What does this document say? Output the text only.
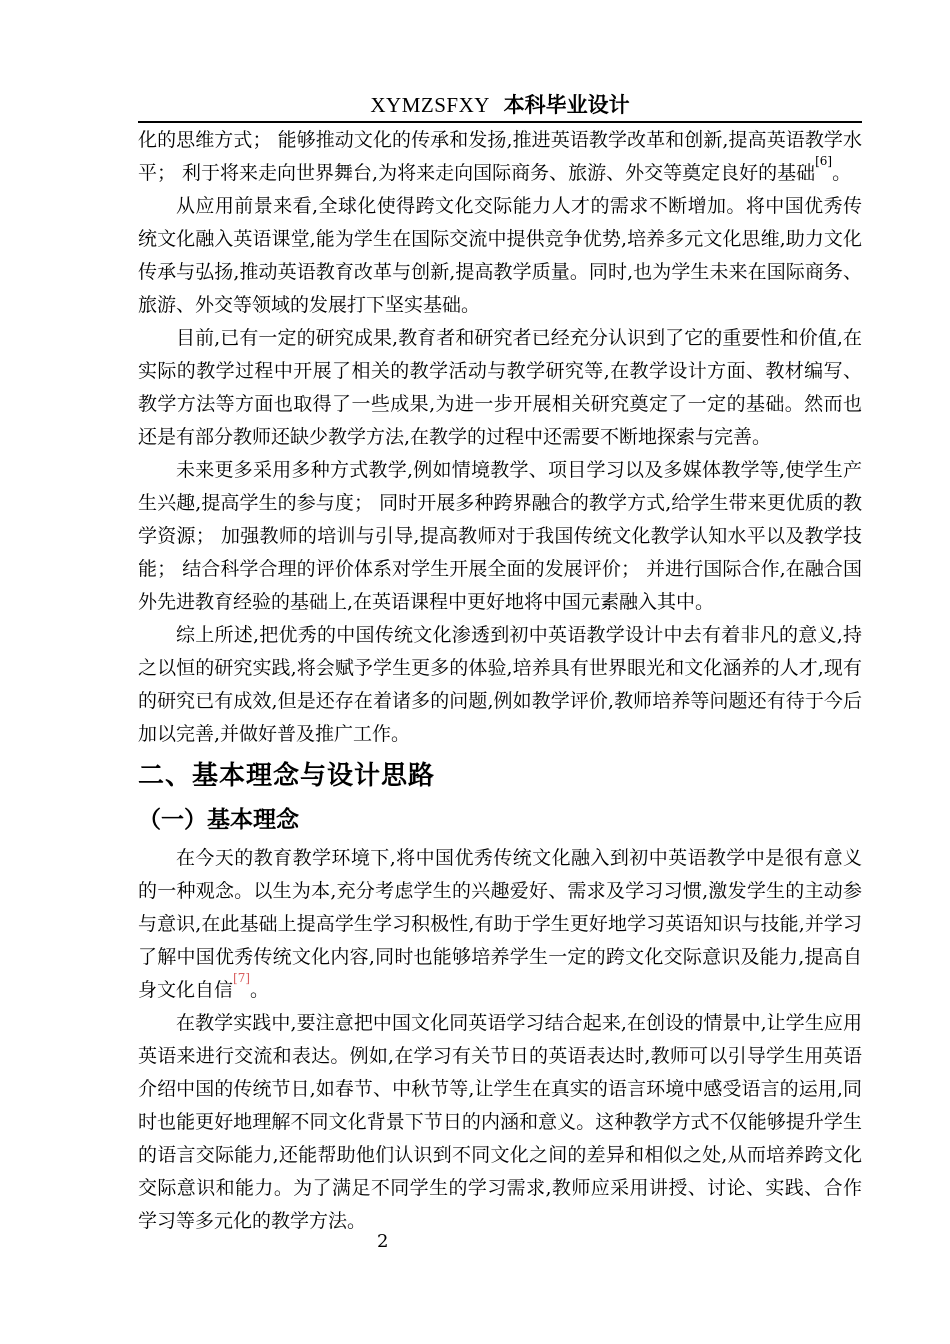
XYMZSFXY 本科毕业设计

化的思维方式； 能够推动文化的传承和发扬,推进英语教学改革和创新,提高英语教学水平； 利于将来走向世界舞台,为将来走向国际商务、旅游、外交等奠定良好的基础[6]。

从应用前景来看,全球化使得跨文化交际能力人才的需求不断增加。将中国优秀传统文化融入英语课堂,能为学生在国际交流中提供竞争优势,培养多元文化思维,助力文化传承与弘扬,推动英语教育改革与创新,提高教学质量。同时,也为学生未来在国际商务、旅游、外交等领域的发展打下坚实基础。

目前,已有一定的研究成果,教育者和研究者已经充分认识到了它的重要性和价值,在实际的教学过程中开展了相关的教学活动与教学研究等,在教学设计方面、教材编写、教学方法等方面也取得了一些成果,为进一步开展相关研究奠定了一定的基础。然而也还是有部分教师还缺少教学方法,在教学的过程中还需要不断地探索与完善。

未来更多采用多种方式教学,例如情境教学、项目学习以及多媒体教学等,使学生产生兴趣,提高学生的参与度； 同时开展多种跨界融合的教学方式,给学生带来更优质的教学资源； 加强教师的培训与引导,提高教师对于我国传统文化教学认知水平以及教学技能； 结合科学合理的评价体系对学生开展全面的发展评价； 并进行国际合作,在融合国外先进教育经验的基础上,在英语课程中更好地将中国元素融入其中。

综上所述,把优秀的中国传统文化渗透到初中英语教学设计中去有着非凡的意义,持之以恒的研究实践,将会赋予学生更多的体验,培养具有世界眼光和文化涵养的人才,现有的研究已有成效,但是还存在着诸多的问题,例如教学评价,教师培养等问题还有待于今后加以完善,并做好普及推广工作。

二、基本理念与设计思路
（一）基本理念

在今天的教育教学环境下,将中国优秀传统文化融入到初中英语教学中是很有意义的一种观念。以生为本,充分考虑学生的兴趣爱好、需求及学习习惯,激发学生的主动参与意识,在此基础上提高学生学习积极性,有助于学生更好地学习英语知识与技能,并学习了解中国优秀传统文化内容,同时也能够培养学生一定的跨文化交际意识及能力,提高自身文化自信[7]。

在教学实践中,要注意把中国文化同英语学习结合起来,在创设的情景中,让学生应用英语来进行交流和表达。例如,在学习有关节日的英语表达时,教师可以引导学生用英语介绍中国的传统节日,如春节、中秋节等,让学生在真实的语言环境中感受语言的运用,同时也能更好地理解不同文化背景下节日的内涵和意义。这种教学方式不仅能够提升学生的语言交际能力,还能帮助他们认识到不同文化之间的差异和相似之处,从而培养跨文化交际意识和能力。为了满足不同学生的学习需求,教师应采用讲授、讨论、实践、合作学习等多元化的教学方法。

2
